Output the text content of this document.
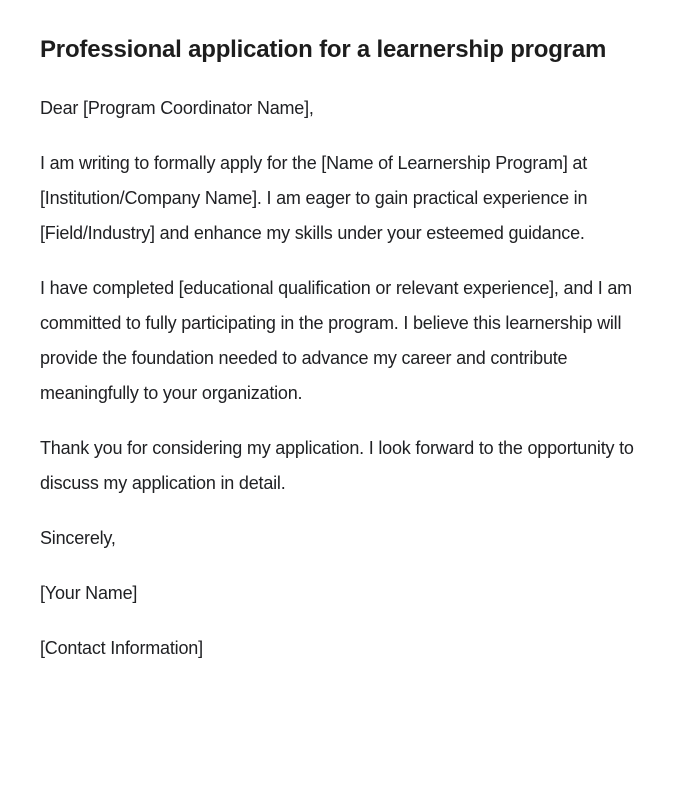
Professional application for a learnership program

Dear [Program Coordinator Name],

I am writing to formally apply for the [Name of Learnership Program] at [Institution/Company Name]. I am eager to gain practical experience in [Field/Industry] and enhance my skills under your esteemed guidance.

I have completed [educational qualification or relevant experience], and I am committed to fully participating in the program. I believe this learnership will provide the foundation needed to advance my career and contribute meaningfully to your organization.

Thank you for considering my application. I look forward to the opportunity to discuss my application in detail.

Sincerely,

[Your Name]

[Contact Information]
